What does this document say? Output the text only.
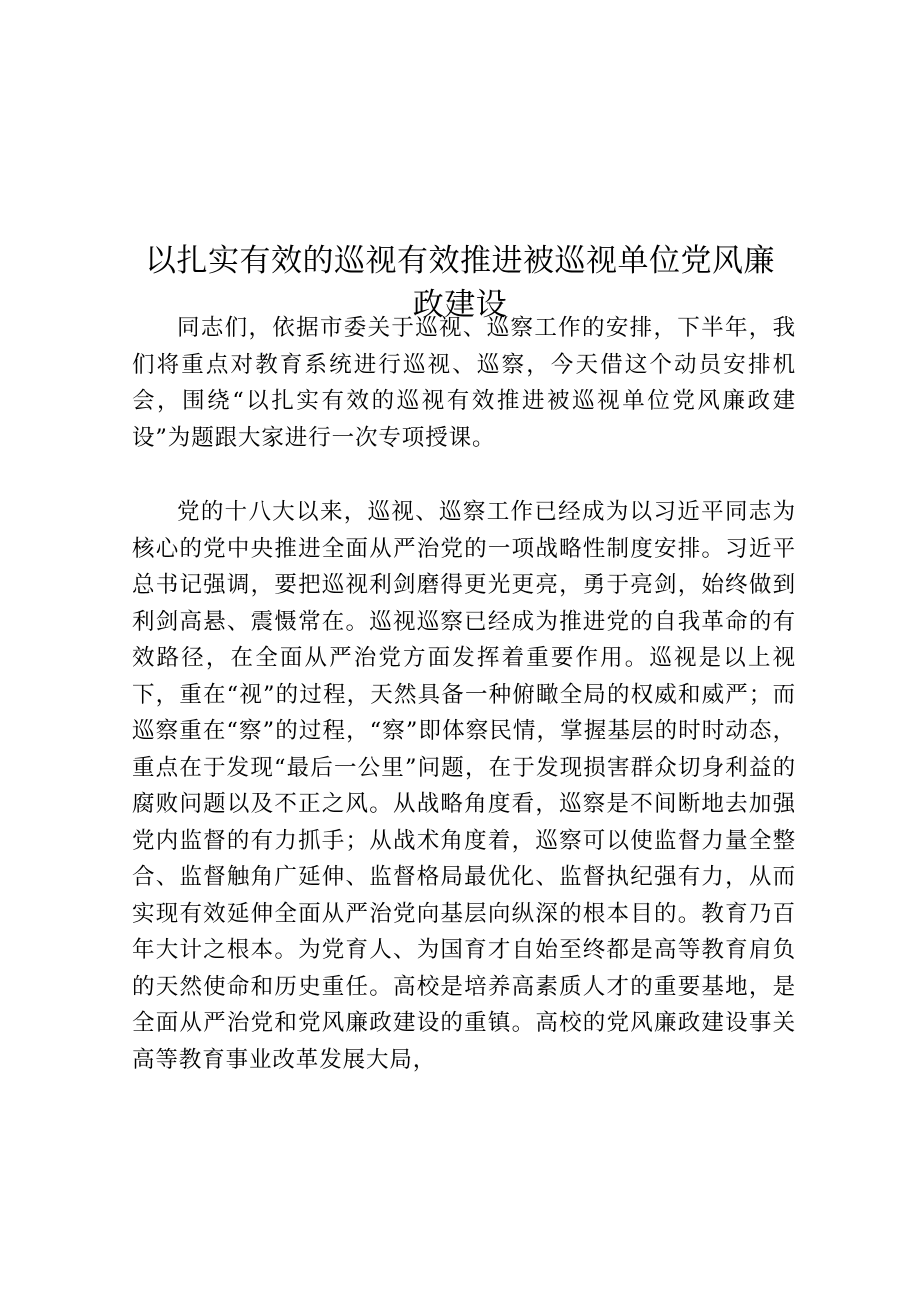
以扎实有效的巡视有效推进被巡视单位党风廉政建设

同志们，依据市委关于巡视、巡察工作的安排，下半年，我们将重点对教育系统进行巡视、巡察，今天借这个动员安排机会，围绕“以扎实有效的巡视有效推进被巡视单位党风廉政建设”为题跟大家进行一次专项授课。

党的十八大以来，巡视、巡察工作已经成为以习近平同志为核心的党中央推进全面从严治党的一项战略性制度安排。习近平总书记强调，要把巡视利剑磨得更光更亮，勇于亮剑，始终做到利剑高悬、震慑常在。巡视巡察已经成为推进党的自我革命的有效路径，在全面从严治党方面发挥着重要作用。巡视是以上视下，重在“视”的过程，天然具备一种俯瞰全局的权威和威严；而巡察重在“察”的过程，“察”即体察民情，掌握基层的时时动态，重点在于发现“最后一公里”问题，在于发现损害群众切身利益的腐败问题以及不正之风。从战略角度看，巡察是不间断地去加强党内监督的有力抓手；从战术角度着，巡察可以使监督力量全整合、监督触角广延伸、监督格局最优化、监督执纪强有力，从而实现有效延伸全面从严治党向基层向纵深的根本目的。教育乃百年大计之根本。为党育人、为国育才自始至终都是高等教育肩负的天然使命和历史重任。高校是培养高素质人才的重要基地，是全面从严治党和党风廉政建设的重镇。高校的党风廉政建设事关高等教育事业改革发展大局，
